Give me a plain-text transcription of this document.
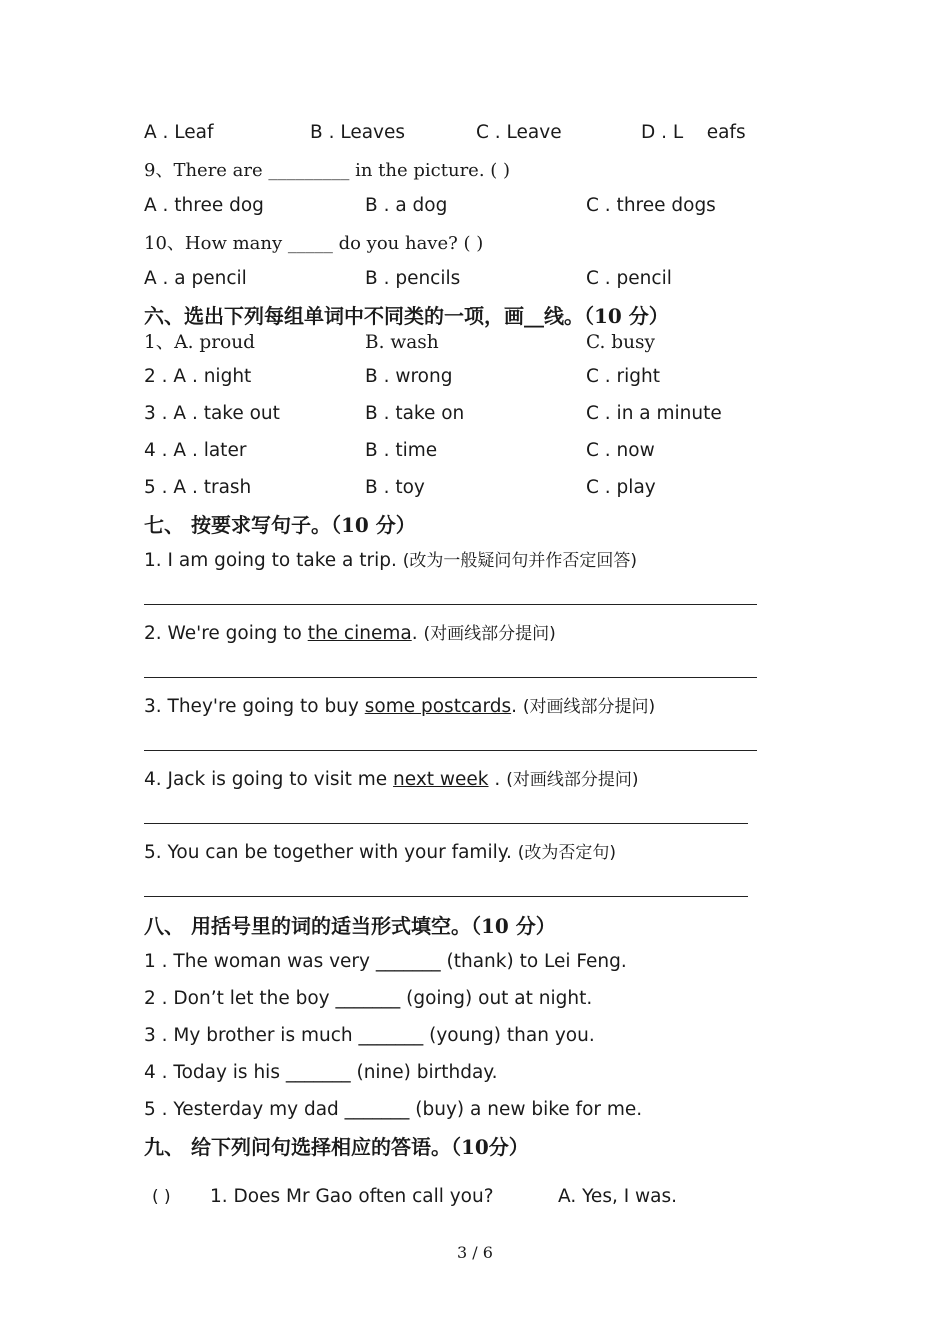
A . Leaf	B . Leaves	C . Leave	D . L    eafs
9、There are _________ in the picture. ( )
A . three dog	B . a dog	C . three dogs
10、How many _____ do you have? ( )
A . a pencil	B . pencils	C . pencil
六、选出下列每组单词中不同类的一项，画__线。（10 分）
1、A. proud	B. wash	C. busy
2 . A . night	B . wrong	C . right
3 . A . take out	B . take on	C . in a minute
4 . A . later	B . time	C . now
5 . A . trash	B . toy	C . play
七、 按要求写句子。（10 分）
1. I am going to take a trip. (改为一般疑问句并作否定回答)
2. We're going to the cinema. (对画线部分提问)
3. They're going to buy some postcards. (对画线部分提问)
4. Jack is going to visit me next week . (对画线部分提问)
5. You can be together with your family. (改为否定句)
八、 用括号里的词的适当形式填空。（10 分）
1 . The woman was very _______ (thank) to Lei Feng.
2 . Don’t let the boy _______ (going) out at night.
3 . My brother is much _______ (young) than you.
4 . Today is his _______ (nine) birthday.
5 . Yesterday my dad _______ (buy) a new bike for me.
九、 给下列问句选择相应的答语。（10分）
( ) 1. Does Mr Gao often call you?	A. Yes, I was.
3 / 6
